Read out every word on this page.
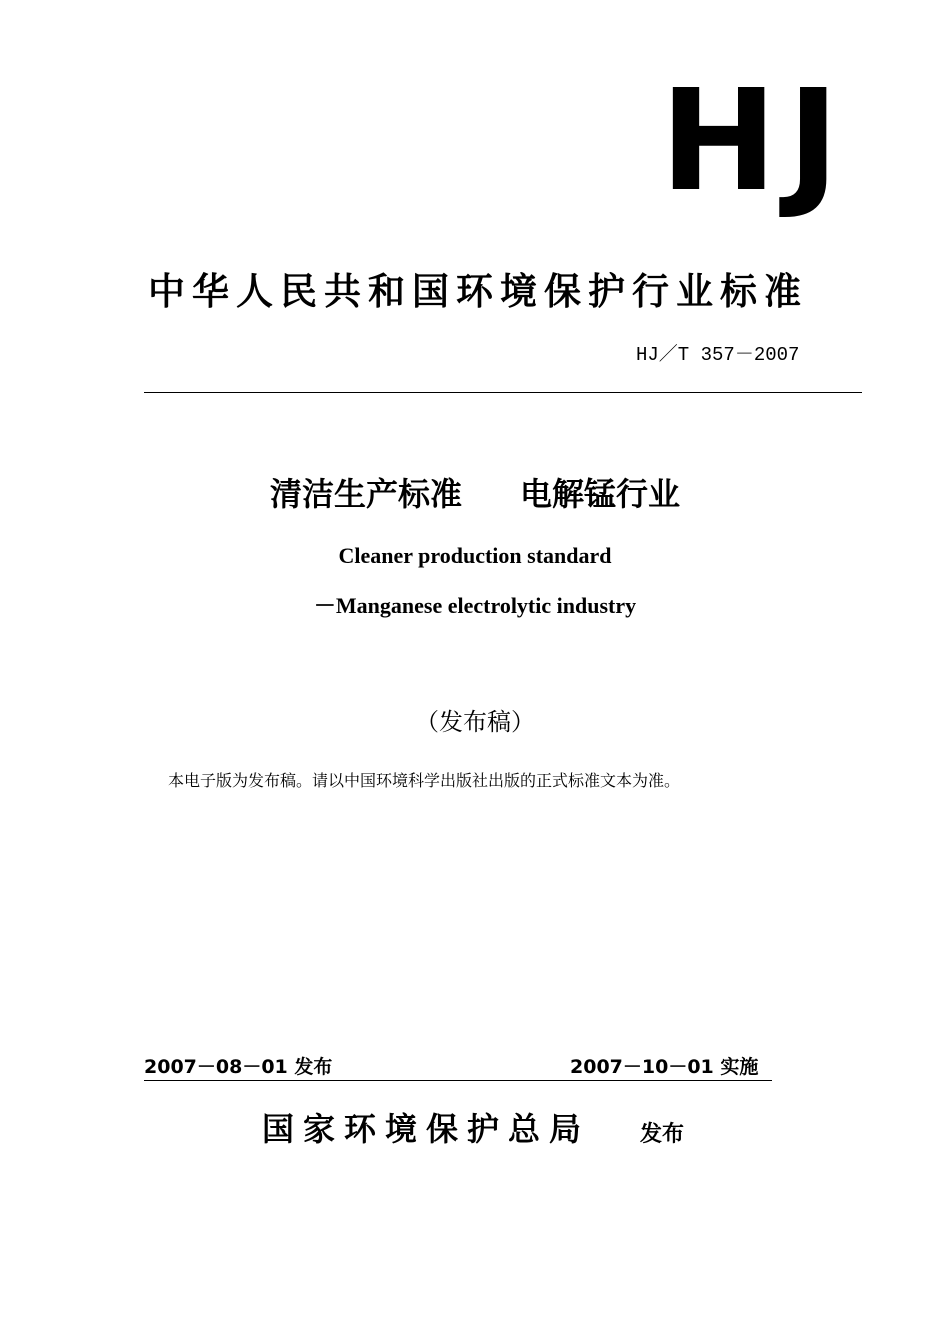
HJ
中华人民共和国环境保护行业标准
HJ／T 357－2007
清洁生产标准 电解锰行业
Cleaner production standard
－Manganese electrolytic industry
（发布稿）
本电子版为发布稿。请以中国环境科学出版社出版的正式标准文本为准。
2007－08－01 发布	2007－10－01 实施
国家环境保护总局 发布
